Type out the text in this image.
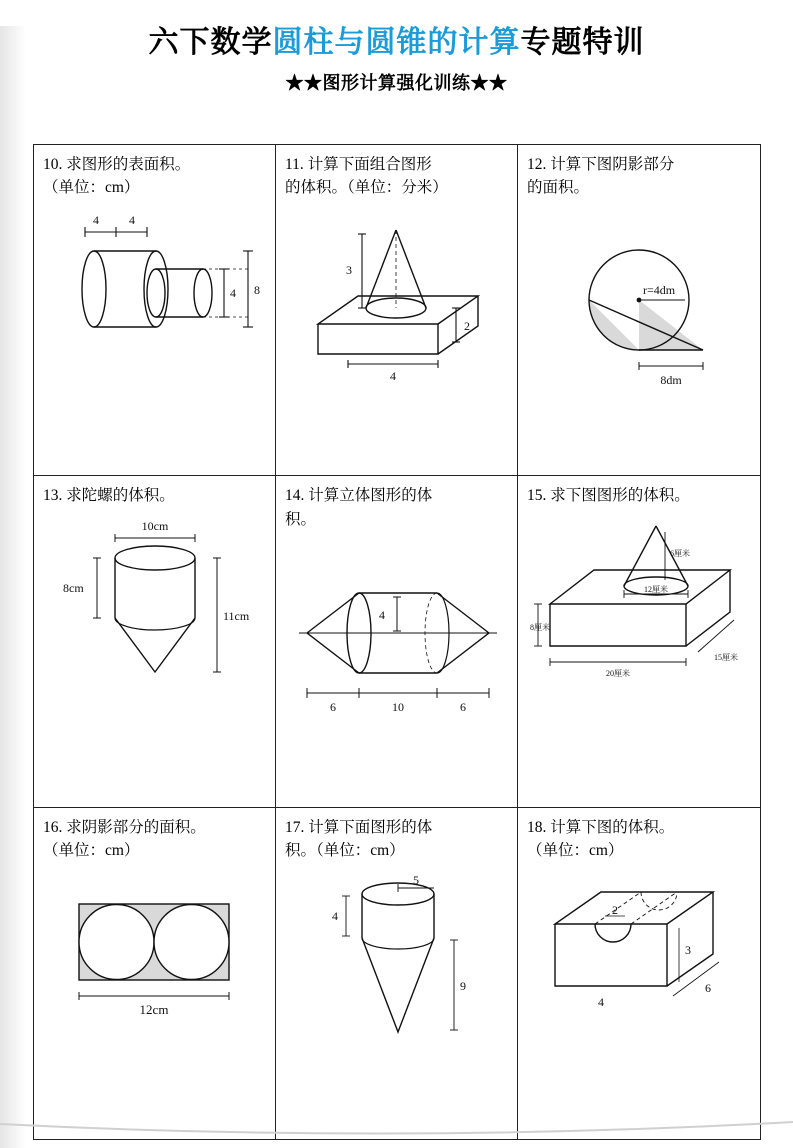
六下数学圆柱与圆锥的计算专题特训
★★图形计算强化训练★★
10. 求图形的表面积。
（单位：cm）
4	4
4 8
11. 计算下面组合图形
的体积。（单位：分米）
3
2
4
12. 计算下图阴影部分
的面积。
r=4dm
8dm
13. 求陀螺的体积。
10cm
8cm
11cm
14. 计算立体图形的体
积。
4
6	10	6
15. 求下图图形的体积。
6厘米
12厘米
8厘米
15厘米
20厘米
16. 求阴影部分的面积。
（单位：cm）
12cm
17. 计算下面图形的体
积。（单位：cm）
5
4
9
18. 计算下图的体积。
（单位：cm）
2
3
4
6
